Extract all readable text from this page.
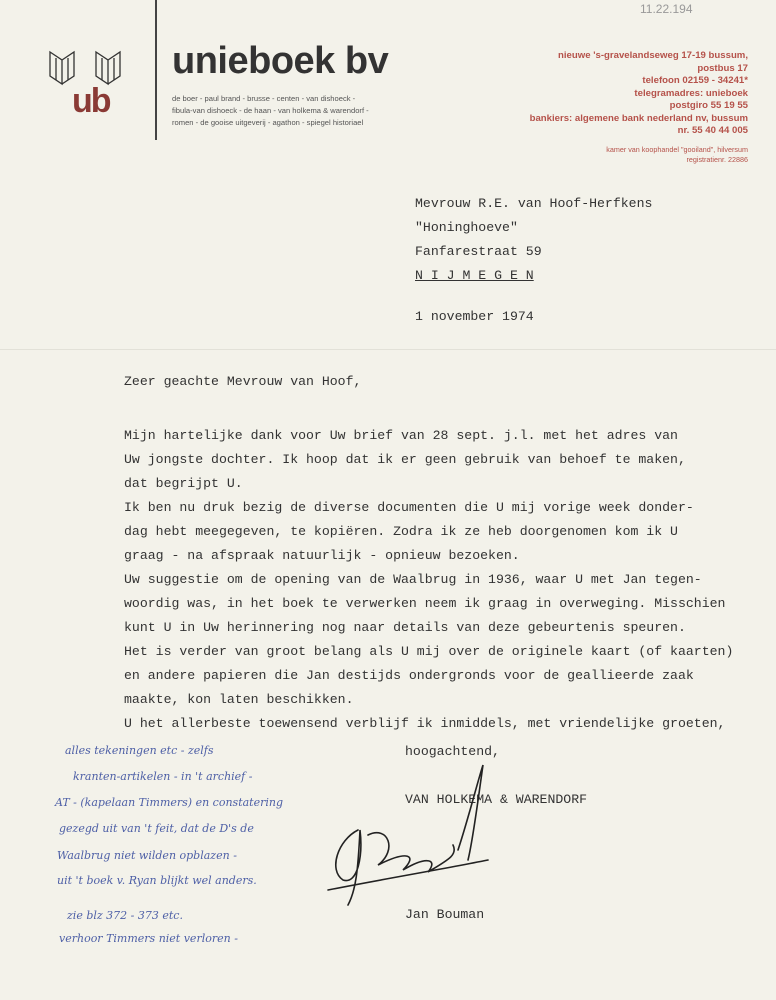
11.22.194
ub
unieboek bv
de boer - paul brand - brusse - centen - van dishoeck -
fibula-van dishoeck - de haan - van holkema & warendorf -
romen - de gooise uitgeverij - agathon - spiegel historiael
nieuwe 's-gravelandseweg 17-19 bussum,
postbus 17
telefoon 02159 - 34241*
telegramadres: unieboek
postgiro 55 19 55
bankiers: algemene bank nederland nv, bussum
nr. 55 40 44 005
kamer van koophandel "gooiland", hilversum
registratienr. 22886
Mevrouw R.E. van Hoof-Herfkens
"Honinghoeve"
Fanfarestraat 59
N I J M E G E N
1 november 1974
Zeer geachte Mevrouw van Hoof,
Mijn hartelijke dank voor Uw brief van 28 sept. j.l. met het adres van
Uw jongste dochter. Ik hoop dat ik er geen gebruik van behoef te maken,
dat begrijpt U.
Ik ben nu druk bezig de diverse documenten die U mij vorige week donder-
dag hebt meegegeven, te kopiëren. Zodra ik ze heb doorgenomen kom ik U
graag - na afspraak natuurlijk - opnieuw bezoeken.
Uw suggestie om de opening van de Waalbrug in 1936, waar U met Jan tegen-
woordig was, in het boek te verwerken neem ik graag in overweging. Misschien
kunt U in Uw herinnering nog naar details van deze gebeurtenis speuren.
Het is verder van groot belang als U mij over de originele kaart (of kaarten)
en andere papieren die Jan destijds ondergronds voor de geallieerde zaak
maakte, kon laten beschikken.
U het allerbeste toewensend verblijf ik inmiddels, met vriendelijke groeten,
hoogachtend,
VAN HOLKEMA & WARENDORF
Jan Bouman
alles tekeningen etc - zelfs
kranten-artikelen - in 't archief -
AT - (kapelaan Timmers) en constatering
gezegd uit van 't feit, dat de D's de
Waalbrug niet wilden opblazen -
uit 't boek v. Ryan blijkt wel anders.
zie blz 372 - 373 etc.
verhoor Timmers niet verloren -
